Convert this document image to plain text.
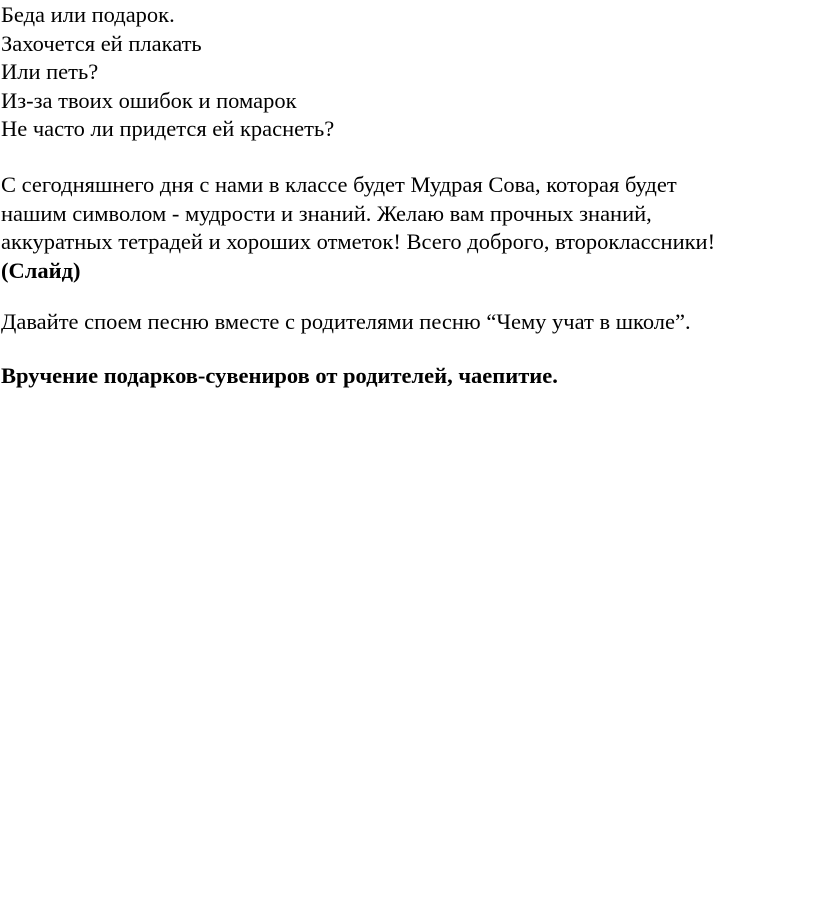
Беда или подарок.
Захочется ей плакать
Или петь?
Из-за твоих ошибок и помарок
Не часто ли придется ей краснеть?
С сегодняшнего дня с нами в классе будет Мудрая Сова, которая будет
нашим символом - мудрости и знаний. Желаю вам прочных знаний,
аккуратных тетрадей и хороших отметок! Всего доброго, второклассники!
(Слайд)
Давайте споем песню вместе с родителями песню “Чему учат в школе”.
Вручение подарков-сувениров от родителей, чаепитие.
